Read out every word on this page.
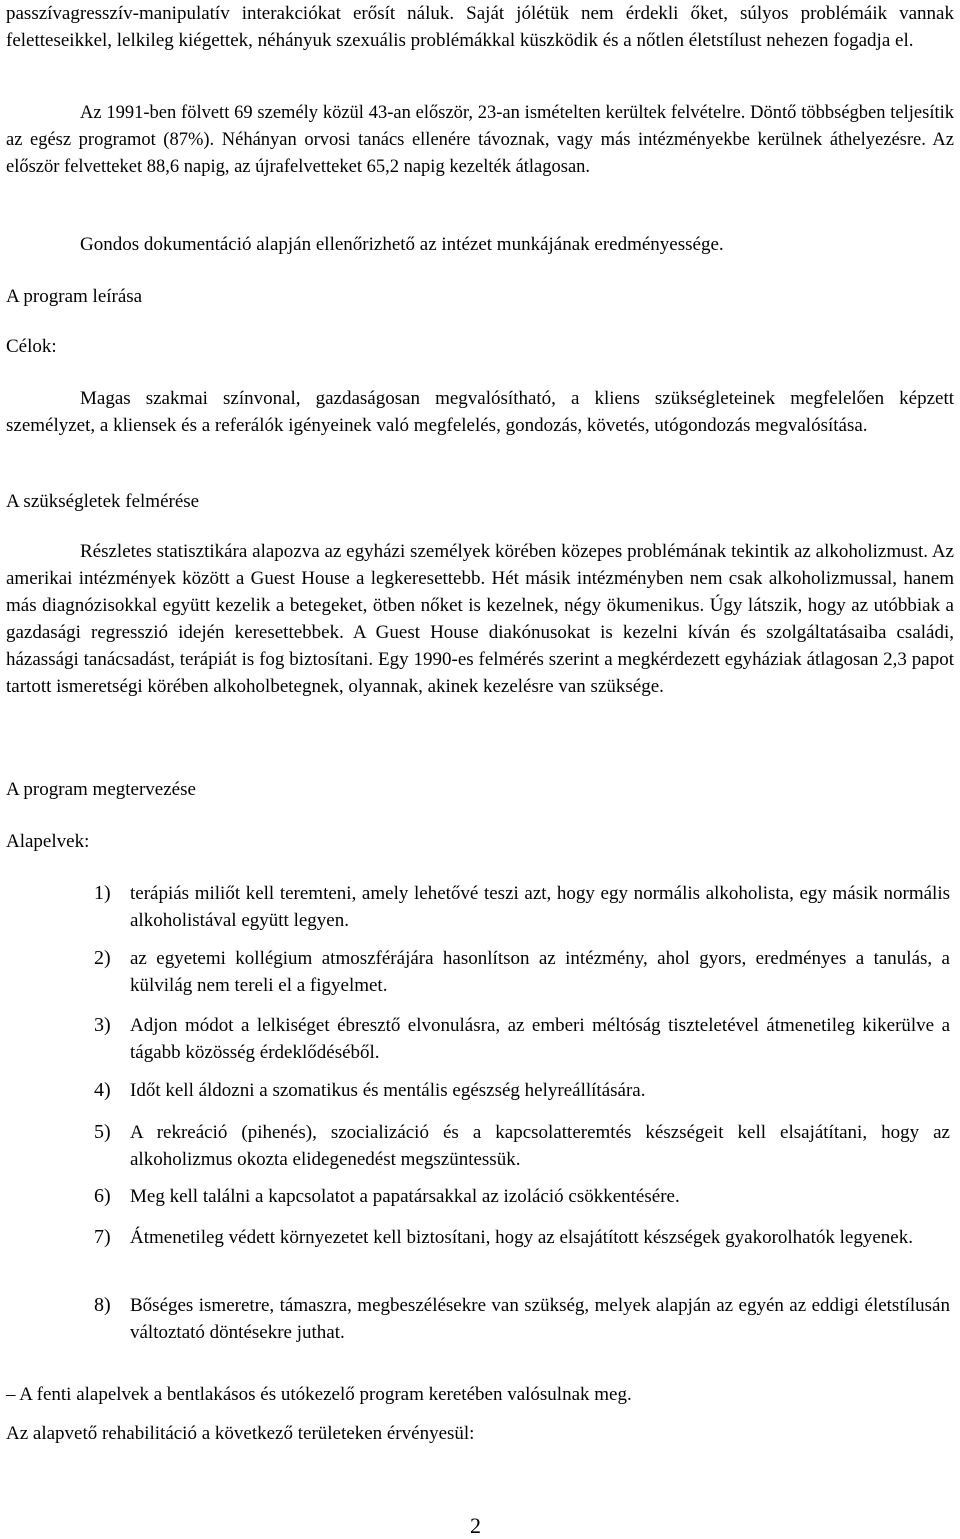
passzívagresszív-manipulatív interakciókat erősít náluk. Saját jólétük nem érdekli őket, súlyos problémáik vannak feletteseikkel, lelkileg kiégettek, néhányuk szexuális problémákkal küszködik és a nőtlen életstílust nehezen fogadja el.

Az 1991-ben fölvett 69 személy közül 43-an először, 23-an ismételten kerültek felvételre. Döntő többségben teljesítik az egész programot (87%). Néhányan orvosi tanács ellenére távoznak, vagy más intézményekbe kerülnek áthelyezésre. Az először felvetteket 88,6 napig, az újrafelvetteket 65,2 napig kezelték átlagosan.

Gondos dokumentáció alapján ellenőrizhető az intézet munkájának eredményessége.

A program leírása

Célok:

Magas szakmai színvonal, gazdaságosan megvalósítható, a kliens szükségleteinek megfelelően képzett személyzet, a kliensek és a referálók igényeinek való megfelelés, gondozás, követés, utógondozás megvalósítása.

A szükségletek felmérése

Részletes statisztikára alapozva az egyházi személyek körében közepes problémának tekintik az alkoholizmust. Az amerikai intézmények között a Guest House a legkeresettebb. Hét másik intézményben nem csak alkoholizmussal, hanem más diagnózisokkal együtt kezelik a betegeket, ötben nőket is kezelnek, négy ökumenikus. Úgy látszik, hogy az utóbbiak a gazdasági regresszió idején keresettebbek. A Guest House diakónusokat is kezelni kíván és szolgáltatásaiba családi, házassági tanácsadást, terápiát is fog biztosítani. Egy 1990-es felmérés szerint a megkérdezett egyháziak átlagosan 2,3 papot tartott ismeretségi körében alkoholbetegnek, olyannak, akinek kezelésre van szüksége.

A program megtervezése

Alapelvek:

1) terápiás miliőt kell teremteni, amely lehetővé teszi azt, hogy egy normális alkoholista, egy másik normális alkoholistával együtt legyen.

2) az egyetemi kollégium atmoszférájára hasonlítson az intézmény, ahol gyors, eredményes a tanulás, a külvilág nem tereli el a figyelmet.

3) Adjon módot a lelkiséget ébresztő elvonulásra, az emberi méltóság tiszteletével átmenetileg kikerülve a tágabb közösség érdeklődéséből.

4) Időt kell áldozni a szomatikus és mentális egészség helyreállítására.

5) A rekreáció (pihenés), szocializáció és a kapcsolatteremtés készségeit kell elsajátítani, hogy az alkoholizmus okozta elidegenedést megszüntessük.

6) Meg kell találni a kapcsolatot a papatársakkal az izoláció csökkentésére.

7) Átmenetileg védett környezetet kell biztosítani, hogy az elsajátított készségek gyakorolhatók legyenek.

8) Bőséges ismeretre, támaszra, megbeszélésekre van szükség, melyek alapján az egyén az eddigi életstílusán változtató döntésekre juthat.

– A fenti alapelvek a bentlakásos és utókezelő program keretében valósulnak meg.

Az alapvető rehabilitáció a következő területeken érvényesül:

2
